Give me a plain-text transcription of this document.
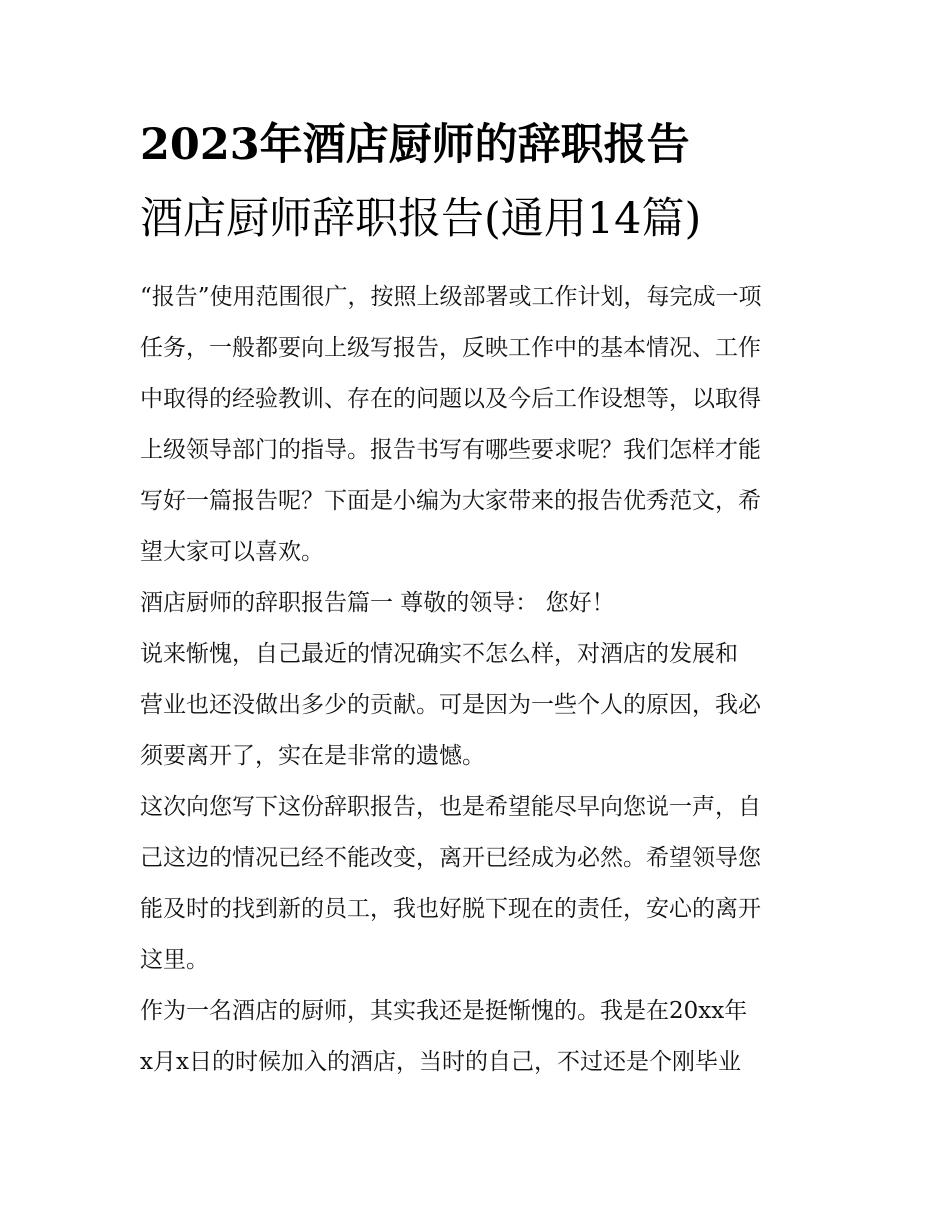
2023年酒店厨师的辞职报告
酒店厨师辞职报告(通用14篇)

“报告”使用范围很广，按照上级部署或工作计划，每完成一项
任务，一般都要向上级写报告，反映工作中的基本情况、工作
中取得的经验教训、存在的问题以及今后工作设想等，以取得
上级领导部门的指导。报告书写有哪些要求呢？我们怎样才能
写好一篇报告呢？下面是小编为大家带来的报告优秀范文，希
望大家可以喜欢。

酒店厨师的辞职报告篇一 尊敬的领导： 您好！

说来惭愧，自己最近的情况确实不怎么样，对酒店的发展和
营业也还没做出多少的贡献。可是因为一些个人的原因，我必
须要离开了，实在是非常的遗憾。

这次向您写下这份辞职报告，也是希望能尽早向您说一声，自
己这边的情况已经不能改变，离开已经成为必然。希望领导您
能及时的找到新的员工，我也好脱下现在的责任，安心的离开
这里。

作为一名酒店的厨师，其实我还是挺惭愧的。我是在20xx年
x月x日的时候加入的酒店，当时的自己，不过还是个刚毕业
